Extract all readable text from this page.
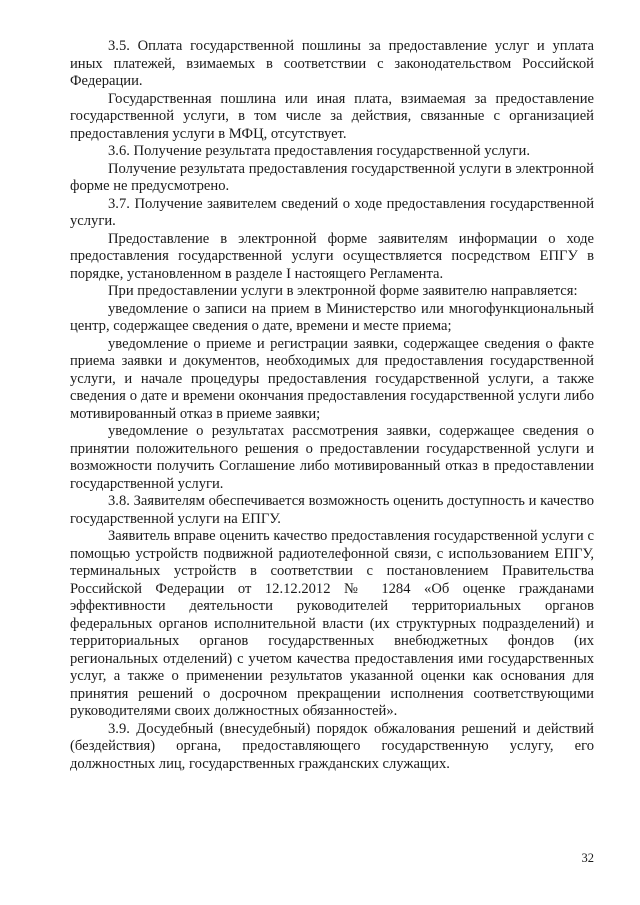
3.5. Оплата государственной пошлины за предоставление услуг и уплата иных платежей, взимаемых в соответствии с законодательством Российской Федерации.

Государственная пошлина или иная плата, взимаемая за предоставление государственной услуги, в том числе за действия, связанные с организацией предоставления услуги в МФЦ, отсутствует.

3.6. Получение результата предоставления государственной услуги.

Получение результата предоставления государственной услуги в электронной форме не предусмотрено.

3.7. Получение заявителем сведений о ходе предоставления государственной услуги.

Предоставление в электронной форме заявителям информации о ходе предоставления государственной услуги осуществляется посредством ЕПГУ в порядке, установленном в разделе I настоящего Регламента.

При предоставлении услуги в электронной форме заявителю направляется:

уведомление о записи на прием в Министерство или многофункциональный центр, содержащее сведения о дате, времени и месте приема;

уведомление о приеме и регистрации заявки, содержащее сведения о факте приема заявки и документов, необходимых для предоставления государственной услуги, и начале процедуры предоставления государственной услуги, а также сведения о дате и времени окончания предоставления государственной услуги либо мотивированный отказ в приеме заявки;

уведомление о результатах рассмотрения заявки, содержащее сведения о принятии положительного решения о предоставлении государственной услуги и возможности получить Соглашение либо мотивированный отказ в предоставлении государственной услуги.

3.8. Заявителям обеспечивается возможность оценить доступность и качество государственной услуги на ЕПГУ.

Заявитель вправе оценить качество предоставления государственной услуги с помощью устройств подвижной радиотелефонной связи, с использованием ЕПГУ, терминальных устройств в соответствии с постановлением Правительства Российской Федерации от 12.12.2012 № 1284 «Об оценке гражданами эффективности деятельности руководителей территориальных органов федеральных органов исполнительной власти (их структурных подразделений) и территориальных органов государственных внебюджетных фондов (их региональных отделений) с учетом качества предоставления ими государственных услуг, а также о применении результатов указанной оценки как основания для принятия решений о досрочном прекращении исполнения соответствующими руководителями своих должностных обязанностей».

3.9. Досудебный (внесудебный) порядок обжалования решений и действий (бездействия) органа, предоставляющего государственную услугу, его должностных лиц, государственных гражданских служащих.

32
